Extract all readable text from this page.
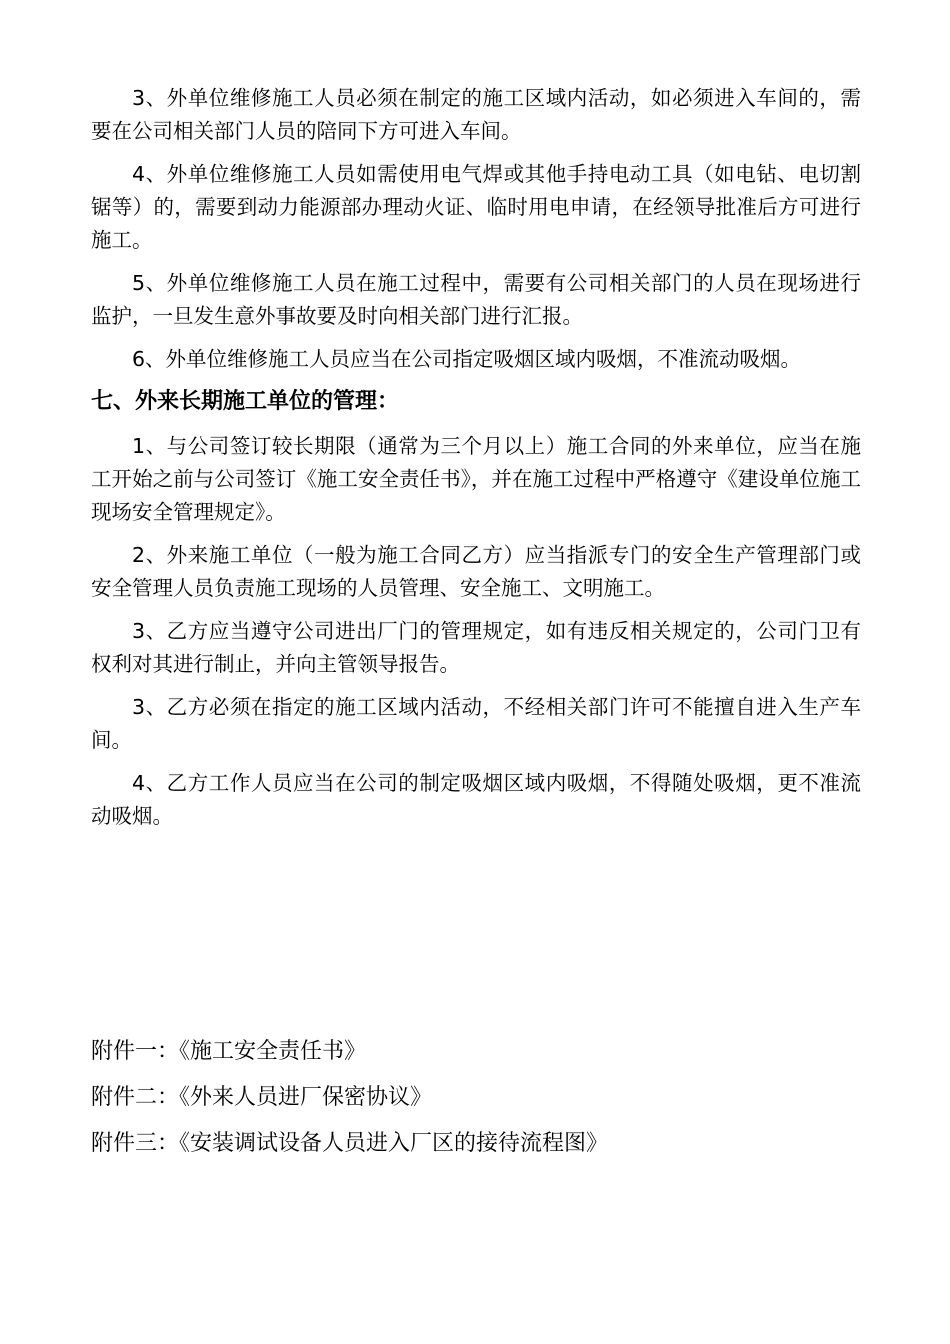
3、外单位维修施工人员必须在制定的施工区域内活动，如必须进入车间的，需要在公司相关部门人员的陪同下方可进入车间。

4、外单位维修施工人员如需使用电气焊或其他手持电动工具（如电钻、电切割锯等）的，需要到动力能源部办理动火证、临时用电申请，在经领导批准后方可进行施工。

5、外单位维修施工人员在施工过程中，需要有公司相关部门的人员在现场进行监护，一旦发生意外事故要及时向相关部门进行汇报。

6、外单位维修施工人员应当在公司指定吸烟区域内吸烟，不准流动吸烟。

七、外来长期施工单位的管理：

1、与公司签订较长期限（通常为三个月以上）施工合同的外来单位，应当在施工开始之前与公司签订《施工安全责任书》，并在施工过程中严格遵守《建设单位施工现场安全管理规定》。

2、外来施工单位（一般为施工合同乙方）应当指派专门的安全生产管理部门或安全管理人员负责施工现场的人员管理、安全施工、文明施工。

3、乙方应当遵守公司进出厂门的管理规定，如有违反相关规定的，公司门卫有权利对其进行制止，并向主管领导报告。

3、乙方必须在指定的施工区域内活动，不经相关部门许可不能擅自进入生产车间。

4、乙方工作人员应当在公司的制定吸烟区域内吸烟，不得随处吸烟，更不准流动吸烟。

附件一：《施工安全责任书》
附件二：《外来人员进厂保密协议》
附件三：《安装调试设备人员进入厂区的接待流程图》
